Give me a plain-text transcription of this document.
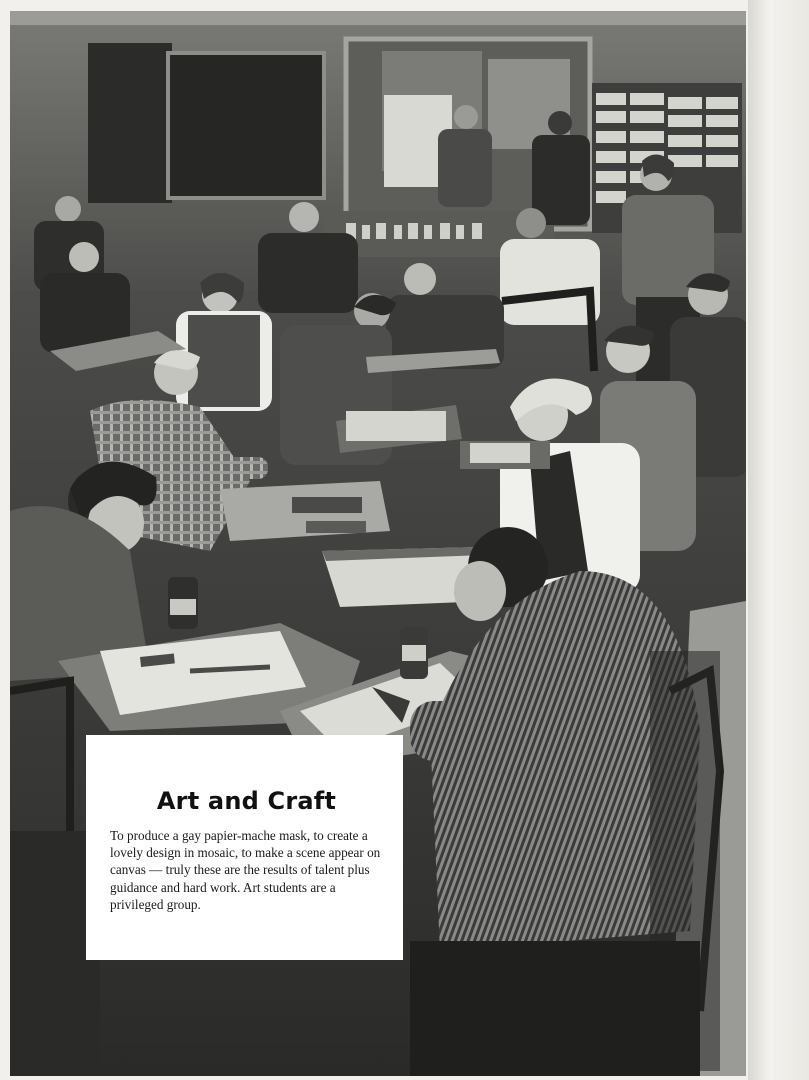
Art and Craft

To produce a gay papier-mache mask, to create a lovely design in mosaic, to make a scene appear on canvas — truly these are the results of talent plus guidance and hard work. Art students are a privileged group.
